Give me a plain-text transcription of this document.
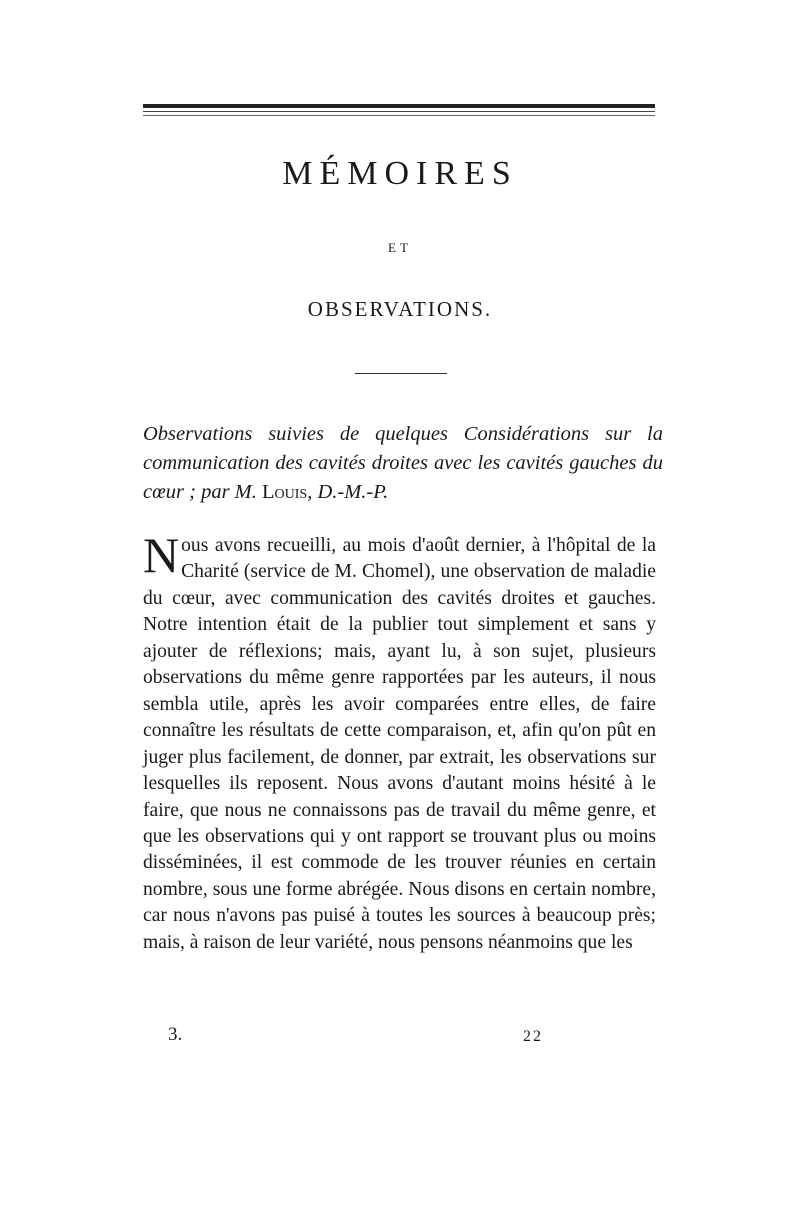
MÉMOIRES
ET
OBSERVATIONS.
Observations suivies de quelques Considérations sur la communication des cavités droites avec les cavités gauches du cœur ; par M. Louis, D.-M.-P.

Nous avons recueilli, au mois d'août dernier, à l'hôpital de la Charité (service de M. Chomel), une observation de maladie du cœur, avec communication des cavités droites et gauches. Notre intention était de la publier tout simplement et sans y ajouter de réflexions; mais, ayant lu, à son sujet, plusieurs observations du même genre rapportées par les auteurs, il nous sembla utile, après les avoir comparées entre elles, de faire connaître les résultats de cette comparaison, et, afin qu'on pût en juger plus facilement, de donner, par extrait, les observations sur lesquelles ils reposent. Nous avons d'autant moins hésité à le faire, que nous ne connaissons pas de travail du même genre, et que les observations qui y ont rapport se trouvant plus ou moins disséminées, il est commode de les trouver réunies en certain nombre, sous une forme abrégée. Nous disons en certain nombre, car nous n'avons pas puisé à toutes les sources à beaucoup près; mais, à raison de leur variété, nous pensons néanmoins que les

3.	22
